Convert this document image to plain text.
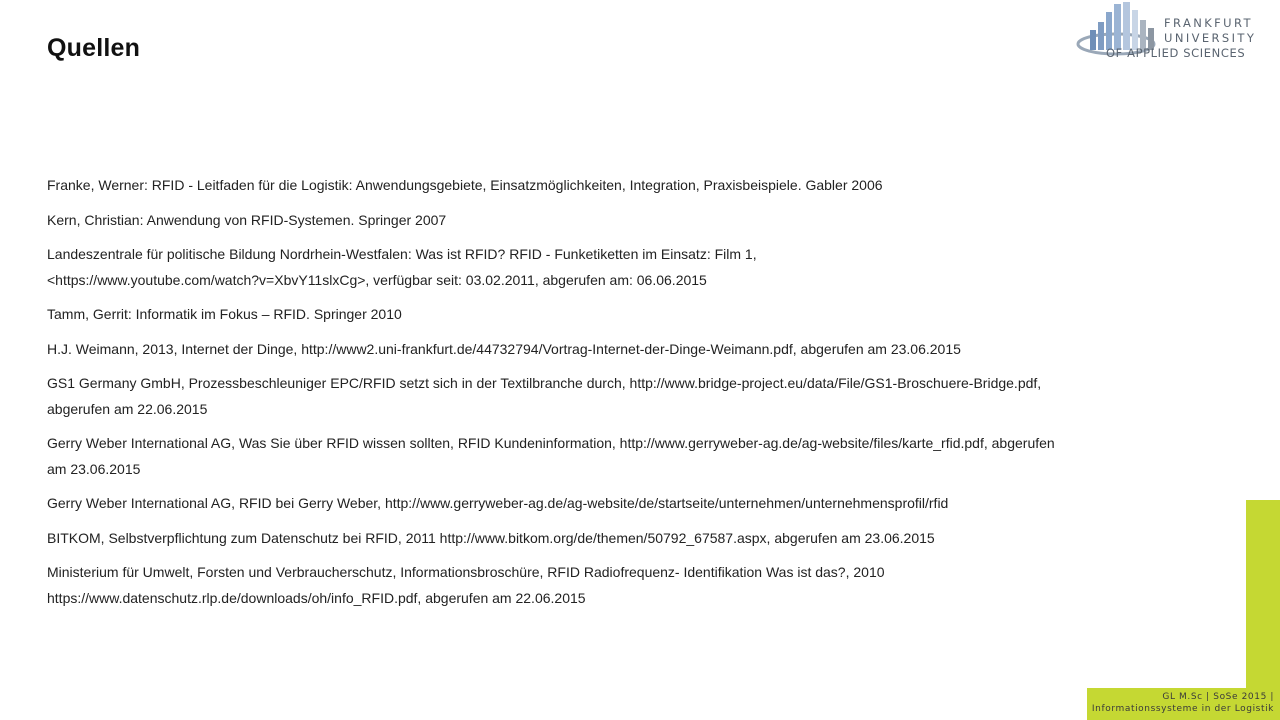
Quellen
FRANKFURT
UNIVERSITY
OF APPLIED SCIENCES

Franke, Werner: RFID - Leitfaden für die Logistik: Anwendungsgebiete, Einsatzmöglichkeiten, Integration, Praxisbeispiele. Gabler 2006

Kern, Christian: Anwendung von RFID-Systemen. Springer 2007

Landeszentrale für politische Bildung Nordrhein-Westfalen: Was ist RFID? RFID - Funketiketten im Einsatz: Film 1,
<https://www.youtube.com/watch?v=XbvY11slxCg>, verfügbar seit: 03.02.2011, abgerufen am: 06.06.2015

Tamm, Gerrit: Informatik im Fokus – RFID. Springer 2010

H.J. Weimann, 2013, Internet der Dinge, http://www2.uni-frankfurt.de/44732794/Vortrag-Internet-der-Dinge-Weimann.pdf, abgerufen am 23.06.2015

GS1 Germany GmbH, Prozessbeschleuniger EPC/RFID setzt sich in der Textilbranche durch, http://www.bridge-project.eu/data/File/GS1-Broschuere-Bridge.pdf,
abgerufen am 22.06.2015

Gerry Weber International AG, Was Sie über RFID wissen sollten, RFID Kundeninformation, http://www.gerryweber-ag.de/ag-website/files/karte_rfid.pdf, abgerufen
am 23.06.2015

Gerry Weber International AG, RFID bei Gerry Weber, http://www.gerryweber-ag.de/ag-website/de/startseite/unternehmen/unternehmensprofil/rfid

BITKOM, Selbstverpflichtung zum Datenschutz bei RFID, 2011 http://www.bitkom.org/de/themen/50792_67587.aspx, abgerufen am 23.06.2015

Ministerium für Umwelt, Forsten und Verbraucherschutz, Informationsbroschüre, RFID Radiofrequenz- Identifikation Was ist das?, 2010
https://www.datenschutz.rlp.de/downloads/oh/info_RFID.pdf, abgerufen am 22.06.2015

GL M.Sc | SoSe 2015 |
Informationssysteme in der Logistik
